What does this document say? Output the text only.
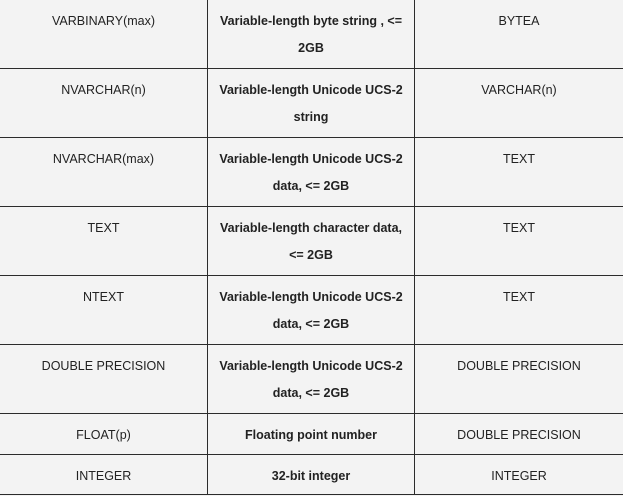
VARBINARY(max)	Variable-length byte string , <= 2GB	BYTEA
NVARCHAR(n)	Variable-length Unicode UCS-2 string	VARCHAR(n)
NVARCHAR(max)	Variable-length Unicode UCS-2 data, <= 2GB	TEXT
TEXT	Variable-length character data, <= 2GB	TEXT
NTEXT	Variable-length Unicode UCS-2 data, <= 2GB	TEXT
DOUBLE PRECISION	Variable-length Unicode UCS-2 data, <= 2GB	DOUBLE PRECISION
FLOAT(p)	Floating point number	DOUBLE PRECISION
INTEGER	32-bit integer	INTEGER
